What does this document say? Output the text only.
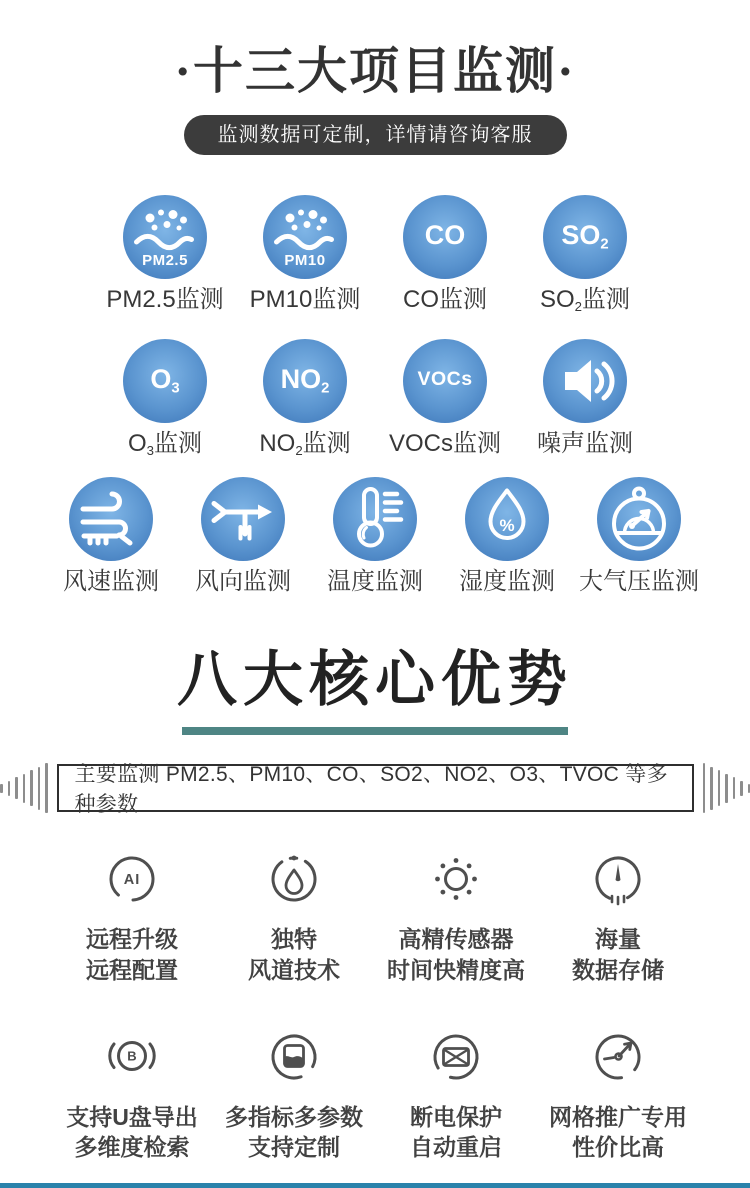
·十三大项目监测·
监测数据可定制，详情请咨询客服
PM2.5
PM2.5监测
PM10
PM10监测
CO
CO监测
$SO_2$
$SO_2$监测
$O_3$
$O_3$监测
$NO_2$
$NO_2$监测
VOCs
VOCs监测 噪声监测
风速监测 风向监测 温度监测
%
湿度监测 大气压监测
八大核心优势
主要监测 PM2.5、PM10、CO、SO2、NO2、O3、TVOC 等多种参数
AI
远程升级
远程配置
独特
风道技术
高精传感器
时间快精度高
海量
数据存储
B
支持U盘导出
多维度检索
多指标多参数
支持定制
断电保护
自动重启
网格推广专用
性价比高
